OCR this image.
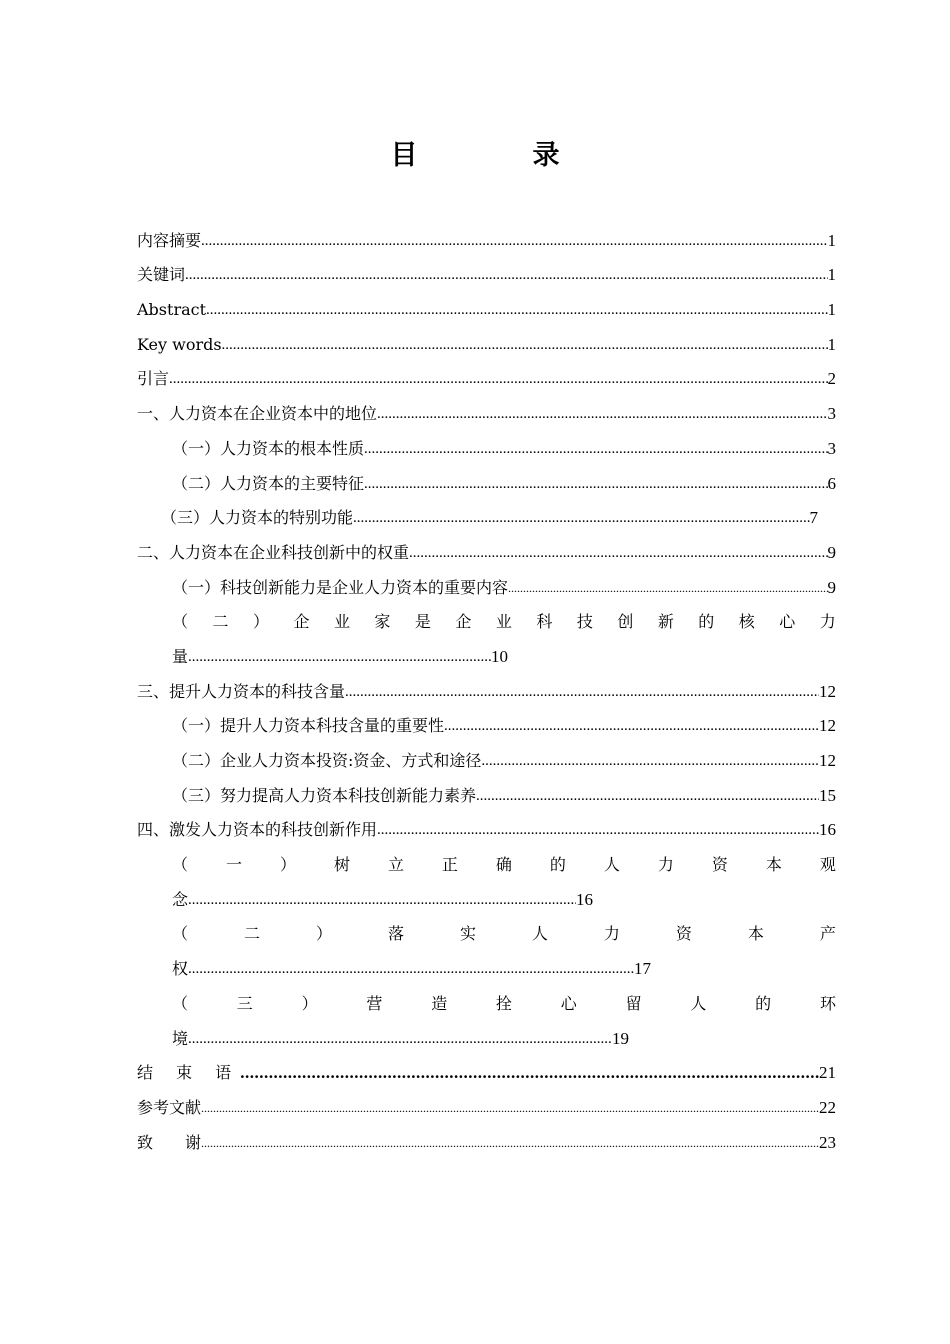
目　录
内容摘要 .....	1
关键词 .....	1
Abstract .....	1
Key words .....	1
引言 .....	2
一、人力资本在企业资本中的地位 .....	3
（一）人力资本的根本性质 .....	3
（二）人力资本的主要特征 .....	6
（三）人力资本的特别功能 .....	7
二、人力资本在企业科技创新中的权重 .....	9
（一）科技创新能力是企业人力资本的重要内容 .....	9
（ 二 ） 企 业 家 是 企 业 科 技 创 新 的 核 心 力
量 .....	10
三、提升人力资本的科技含量 .....	12
（一）提升人力资本科技含量的重要性 .....	12
（二）企业人力资本投资:资金、方式和途径 .....	12
（三）努力提高人力资本科技创新能力素养 .....	15
四、激发人力资本的科技创新作用 .....	16
（ 一 ） 树 立 正 确 的 人 力 资 本 观
念 .....	16
（	二	）	落	实	人	力	资	本	产
权 .....	17
（	三	）	营	造	拴	心	留	人	的	环
境 .....	19
结 束 语 .....	21
参考文献 .....	22
致　　谢 .....	23
